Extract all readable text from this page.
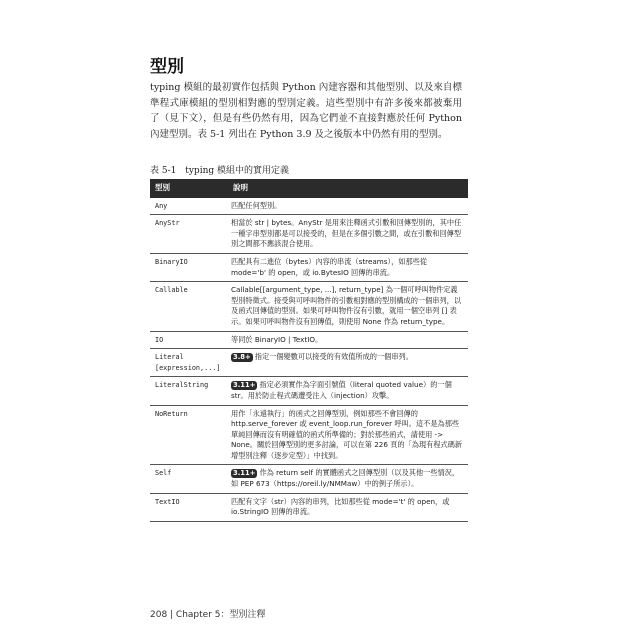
型別

typing 模組的最初實作包括與 Python 內建容器和其他型別、以及來自標準程式庫模組的型別相對應的型別定義。這些型別中有許多後來都被棄用了（見下文），但是有些仍然有用，因為它們並不直接對應於任何 Python 內建型別。表 5-1 列出在 Python 3.9 及之後版本中仍然有用的型別。

表 5-1 typing 模組中的實用定義

型別	說明
Any	匹配任何型別。
AnyStr	相當於 str | bytes。AnyStr 是用來注釋函式引數和回傳型別的，其中任一種字串型別都是可以接受的，但是在多個引數之間，或在引數和回傳型別之間都不應該混合使用。
BinaryIO	匹配具有二進位（bytes）內容的串流（streams），如那些從 mode='b' 的 open，或 io.BytesIO 回傳的串流。
Callable	Callable[[argument_type, ...], return_type] 為一個可呼叫物件定義型別特徵式。接受與可呼叫物件的引數相對應的型別構成的一個串列，以及函式回傳值的型別。如果可呼叫物件沒有引數，就用一個空串列 [] 表示。如果可呼叫物件沒有回傳值，則使用 None 作為 return_type。
IO	等同於 BinaryIO | TextIO。
Literal [expression,...]	3.8+ 指定一個變數可以接受的有效值所成的一個串列。
LiteralString	3.11+ 指定必須實作為字面引號值（literal quoted value）的一個 str。用於防止程式碼遭受注入（injection）攻擊。
NoReturn	用作「永遠執行」的函式之回傳型別，例如那些不會回傳的 http.serve_forever 或 event_loop.run_forever 呼叫。這不是為那些單純回傳而沒有明確值的函式所準備的；對於那些函式，請使用 -> None。關於回傳型別的更多討論，可以在第 226 頁的「為現有程式碼新增型別注釋（逐步定型）」中找到。
Self	3.11+ 作為 return self 的實體函式之回傳型別（以及其他一些情況，如 PEP 673（https://oreil.ly/NMMaw）中的例子所示）。
TextIO	匹配有文字（str）內容的串列，比如那些從 mode='t' 的 open，或 io.StringIO 回傳的串流。

208 | Chapter 5：型別注釋
